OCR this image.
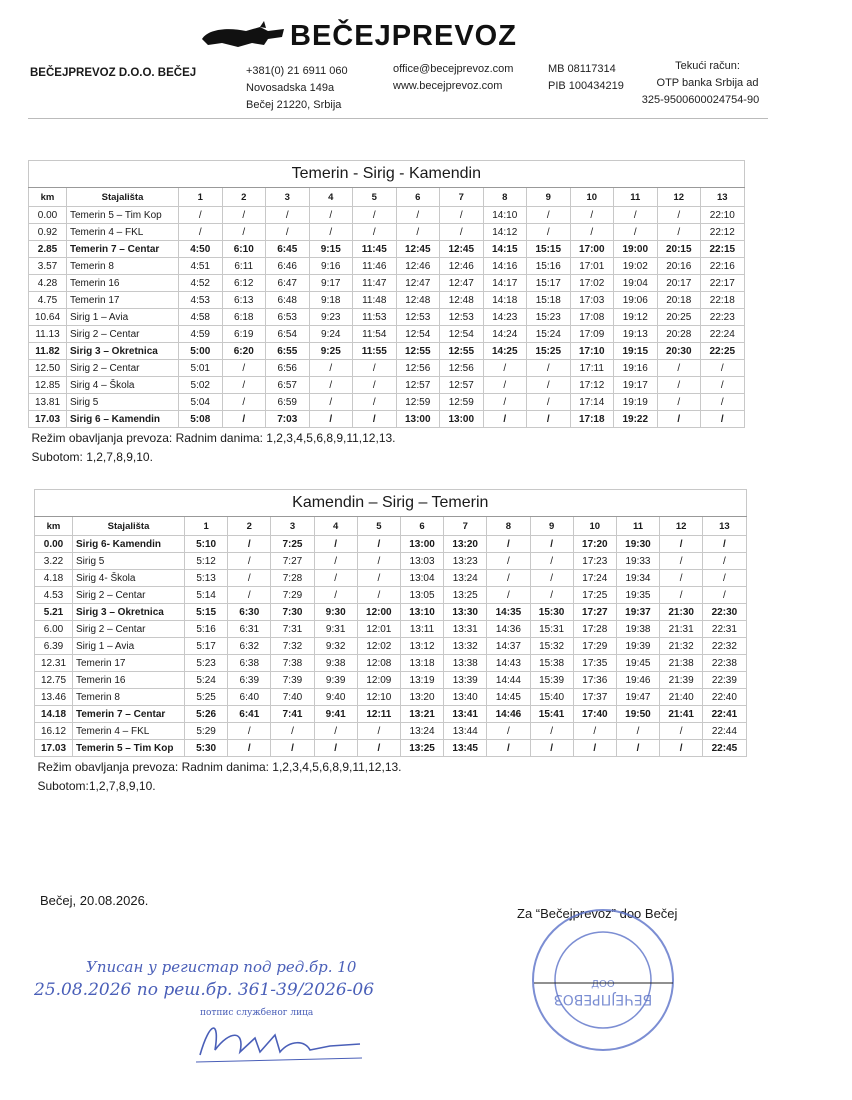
BEČEJPREVOZ
BEČEJPREVOZ D.O.O. BEČEJ	+381(0) 21 6911 060
Novosadska 149a
Bečej 21220, Srbija
office@becejprevoz.com
www.becejprevoz.com
MB 08117314
PIB 100434219
Tekući račun:
OTP banka Srbija ad
325-9500600024754-90
Temerin - Sirig - Kamendin														
km	Stajališta	1	2	3	4	5	6	7	8	9	10	11	12	13
0.00	Temerin 5 – Tim Kop	/	/	/	/	/	/	/	14:10	/	/	/	/	22:10
0.92	Temerin 4 – FKL	/	/	/	/	/	/	/	14:12	/	/	/	/	22:12
2.85	Temerin 7 – Centar	4:50	6:10	6:45	9:15	11:45	12:45	12:45	14:15	15:15	17:00	19:00	20:15	22:15
3.57	Temerin 8	4:51	6:11	6:46	9:16	11:46	12:46	12:46	14:16	15:16	17:01	19:02	20:16	22:16
4.28	Temerin 16	4:52	6:12	6:47	9:17	11:47	12:47	12:47	14:17	15:17	17:02	19:04	20:17	22:17
4.75	Temerin 17	4:53	6:13	6:48	9:18	11:48	12:48	12:48	14:18	15:18	17:03	19:06	20:18	22:18
10.64	Sirig 1 – Avia	4:58	6:18	6:53	9:23	11:53	12:53	12:53	14:23	15:23	17:08	19:12	20:25	22:23
11.13	Sirig 2 – Centar	4:59	6:19	6:54	9:24	11:54	12:54	12:54	14:24	15:24	17:09	19:13	20:28	22:24
11.82	Sirig 3 – Okretnica	5:00	6:20	6:55	9:25	11:55	12:55	12:55	14:25	15:25	17:10	19:15	20:30	22:25
12.50	Sirig 2 – Centar	5:01	/	6:56	/	/	12:56	12:56	/	/	17:11	19:16	/	/
12.85	Sirig 4 – Škola	5:02	/	6:57	/	/	12:57	12:57	/	/	17:12	19:17	/	/
13.81	Sirig 5	5:04	/	6:59	/	/	12:59	12:59	/	/	17:14	19:19	/	/
17.03	Sirig 6 – Kamendin	5:08	/	7:03	/	/	13:00	13:00	/	/	17:18	19:22	/	/
Režim obavljanja prevoza: Radnim danima: 1,2,3,4,5,6,8,9,11,12,13.														
Subotom: 1,2,7,8,9,10.														
Kamendin – Sirig – Temerin														
km	Stajališta	1	2	3	4	5	6	7	8	9	10	11	12	13
0.00	Sirig 6- Kamendin	5:10	/	7:25	/	/	13:00	13:20	/	/	17:20	19:30	/	/
3.22	Sirig 5	5:12	/	7:27	/	/	13:03	13:23	/	/	17:23	19:33	/	/
4.18	Sirig 4- Škola	5:13	/	7:28	/	/	13:04	13:24	/	/	17:24	19:34	/	/
4.53	Sirig 2 – Centar	5:14	/	7:29	/	/	13:05	13:25	/	/	17:25	19:35	/	/
5.21	Sirig 3 – Okretnica	5:15	6:30	7:30	9:30	12:00	13:10	13:30	14:35	15:30	17:27	19:37	21:30	22:30
6.00	Sirig 2 – Centar	5:16	6:31	7:31	9:31	12:01	13:11	13:31	14:36	15:31	17:28	19:38	21:31	22:31
6.39	Sirig 1 – Avia	5:17	6:32	7:32	9:32	12:02	13:12	13:32	14:37	15:32	17:29	19:39	21:32	22:32
12.31	Temerin 17	5:23	6:38	7:38	9:38	12:08	13:18	13:38	14:43	15:38	17:35	19:45	21:38	22:38
12.75	Temerin 16	5:24	6:39	7:39	9:39	12:09	13:19	13:39	14:44	15:39	17:36	19:46	21:39	22:39
13.46	Temerin 8	5:25	6:40	7:40	9:40	12:10	13:20	13:40	14:45	15:40	17:37	19:47	21:40	22:40
14.18	Temerin 7 – Centar	5:26	6:41	7:41	9:41	12:11	13:21	13:41	14:46	15:41	17:40	19:50	21:41	22:41
16.12	Temerin 4 – FKL	5:29	/	/	/	/	13:24	13:44	/	/	/	/	/	22:44
17.03	Temerin 5 – Tim Kop	5:30	/	/	/	/	13:25	13:45	/	/	/	/	/	22:45
Režim obavljanja prevoza: Radnim danima: 1,2,3,4,5,6,8,9,11,12,13.														
Subotom:1,2,7,8,9,10.														
Bečej, 20.08.2026.
Za “Bečejprevoz” doo Bečej
Уписан у регистар под ред.бр. 10
25.08.2026 по реш.бр. 361-39/2026-06
потпис службеног лица
БЕЧЕЈПРЕВОЗ
ДОО
